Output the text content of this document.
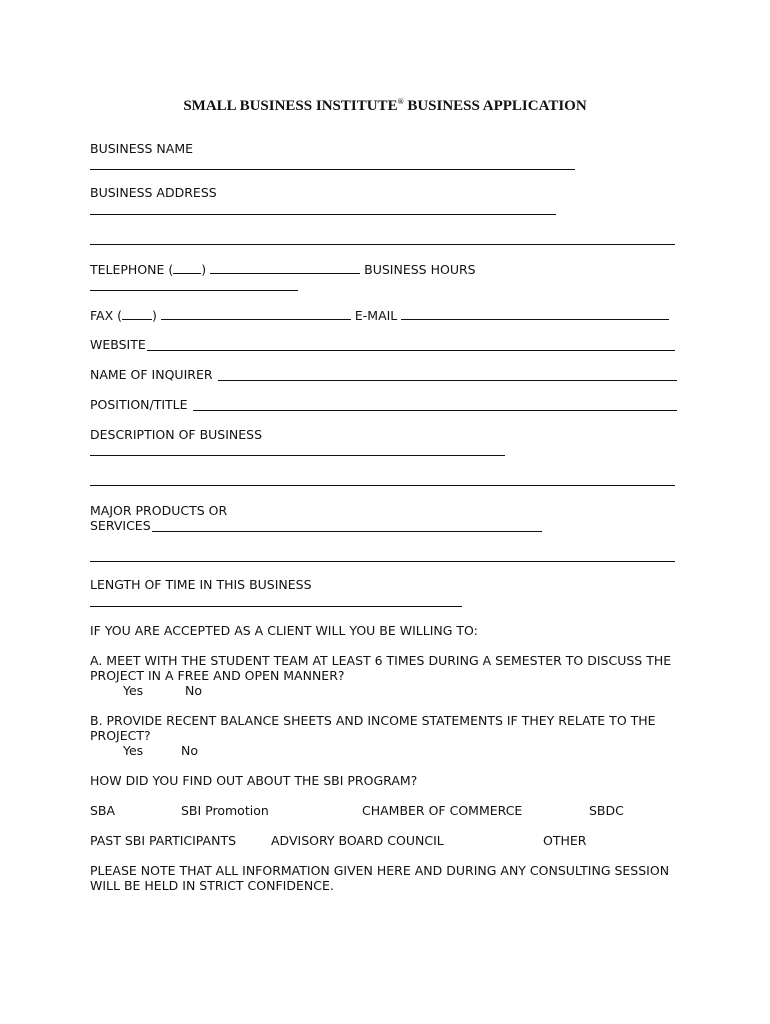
SMALL BUSINESS INSTITUTE® BUSINESS APPLICATION
BUSINESS NAME
BUSINESS ADDRESS
TELEPHONE ( )	BUSINESS HOURS
FAX ( )	E-MAIL
WEBSITE
NAME OF INQUIRER
POSITION/TITLE
DESCRIPTION OF BUSINESS
MAJOR PRODUCTS OR
SERVICES
LENGTH OF TIME IN THIS BUSINESS
IF YOU ARE ACCEPTED AS A CLIENT WILL YOU BE WILLING TO:
A. MEET WITH THE STUDENT TEAM AT LEAST 6 TIMES DURING A SEMESTER TO DISCUSS THE
PROJECT IN A FREE AND OPEN MANNER?
Yes	No
B. PROVIDE RECENT BALANCE SHEETS AND INCOME STATEMENTS IF THEY RELATE TO THE
PROJECT?
Yes	No
HOW DID YOU FIND OUT ABOUT THE SBI PROGRAM?
SBA	SBI Promotion	CHAMBER OF COMMERCE	SBDC
PAST SBI PARTICIPANTS	ADVISORY BOARD COUNCIL	OTHER
PLEASE NOTE THAT ALL INFORMATION GIVEN HERE AND DURING ANY CONSULTING SESSION
WILL BE HELD IN STRICT CONFIDENCE.
